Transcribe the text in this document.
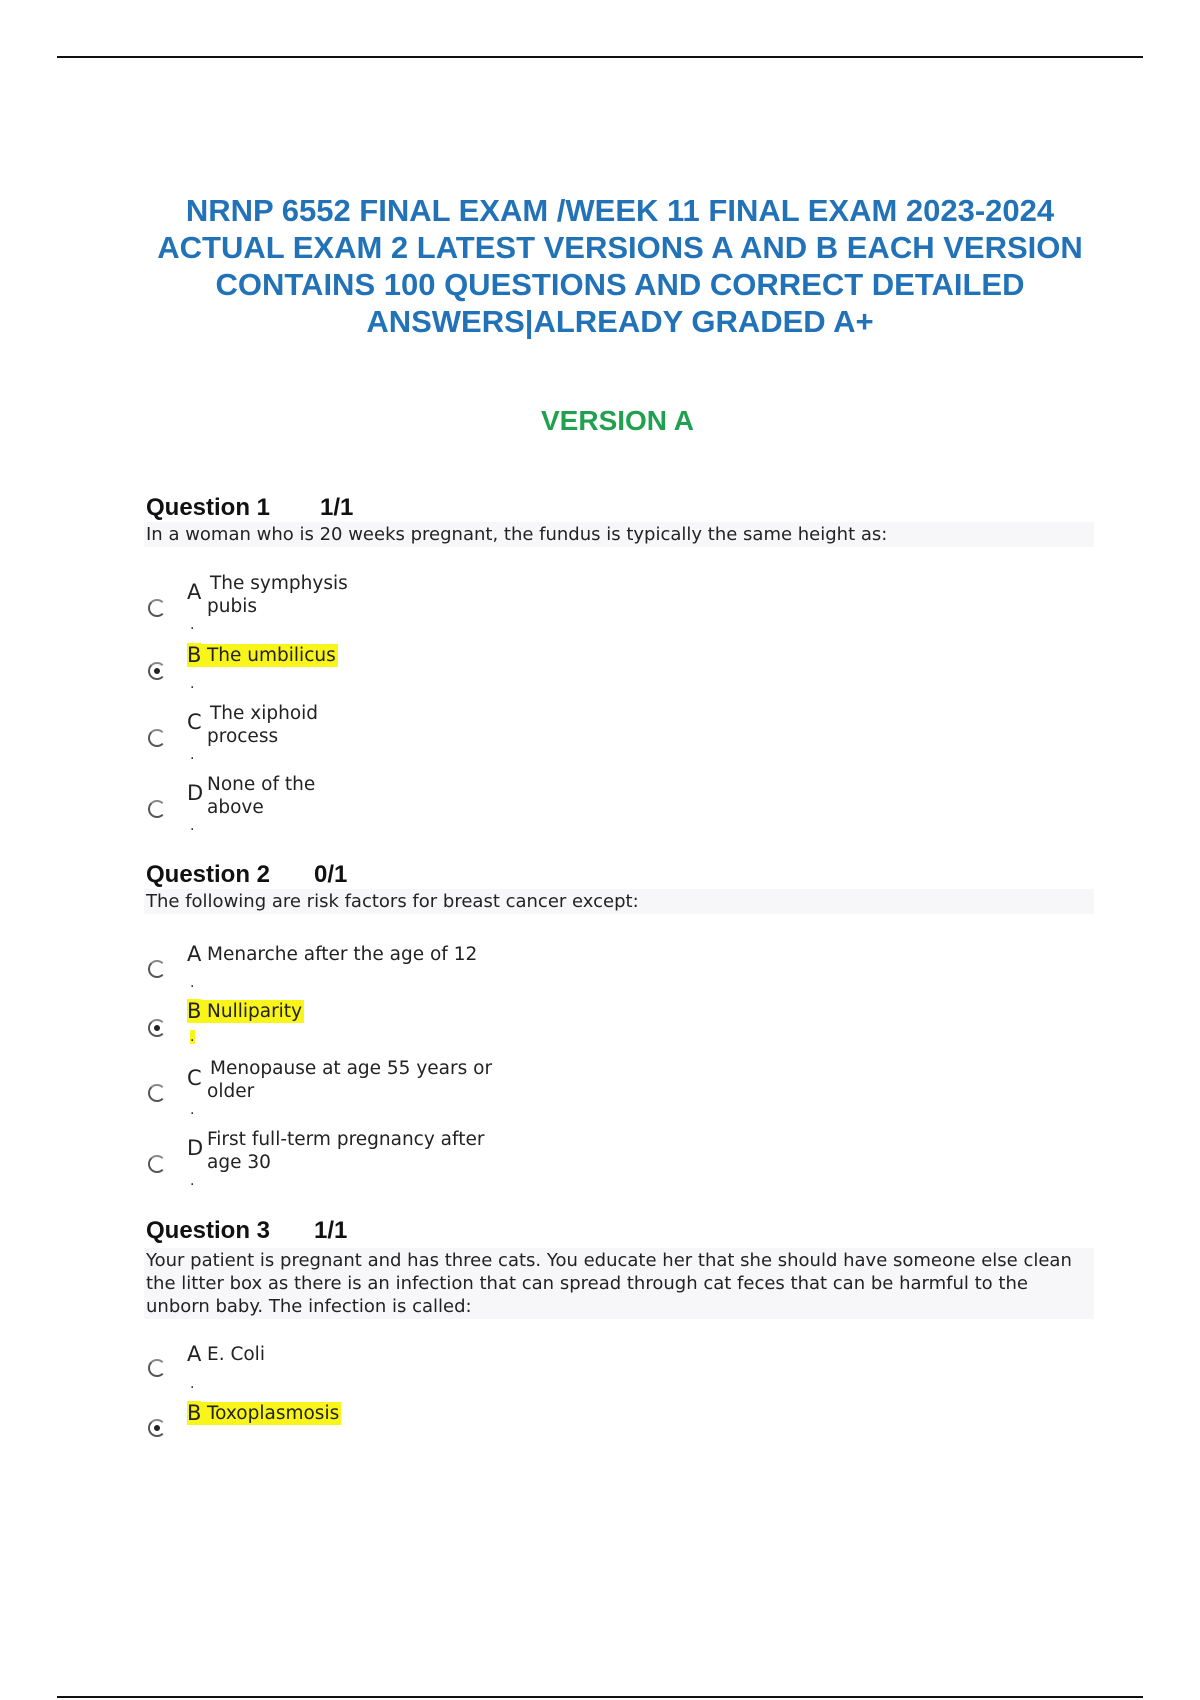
NRNP 6552 FINAL EXAM /WEEK 11 FINAL EXAM 2023-2024 ACTUAL EXAM 2 LATEST VERSIONS A AND B EACH VERSION CONTAINS 100 QUESTIONS AND CORRECT DETAILED ANSWERS|ALREADY GRADED A+
VERSION A
Question 1 1/1

In a woman who is 20 weeks pregnant, the fundus is typically the same height as:

A The symphysis
pubis
.
B The umbilicus
.
C The xiphoid
process
.
D None of the
above
.
Question 2 0/1

The following are risk factors for breast cancer except:

A Menarche after the age of 12
.
B Nulliparity
.
C Menopause at age 55 years or
older
.
D First full-term pregnancy after
age 30
.
Question 3 1/1

Your patient is pregnant and has three cats. You educate her that she should have someone else clean the litter box as there is an infection that can spread through cat feces that can be harmful to the unborn baby. The infection is called:

A E. Coli
.
B Toxoplasmosis
